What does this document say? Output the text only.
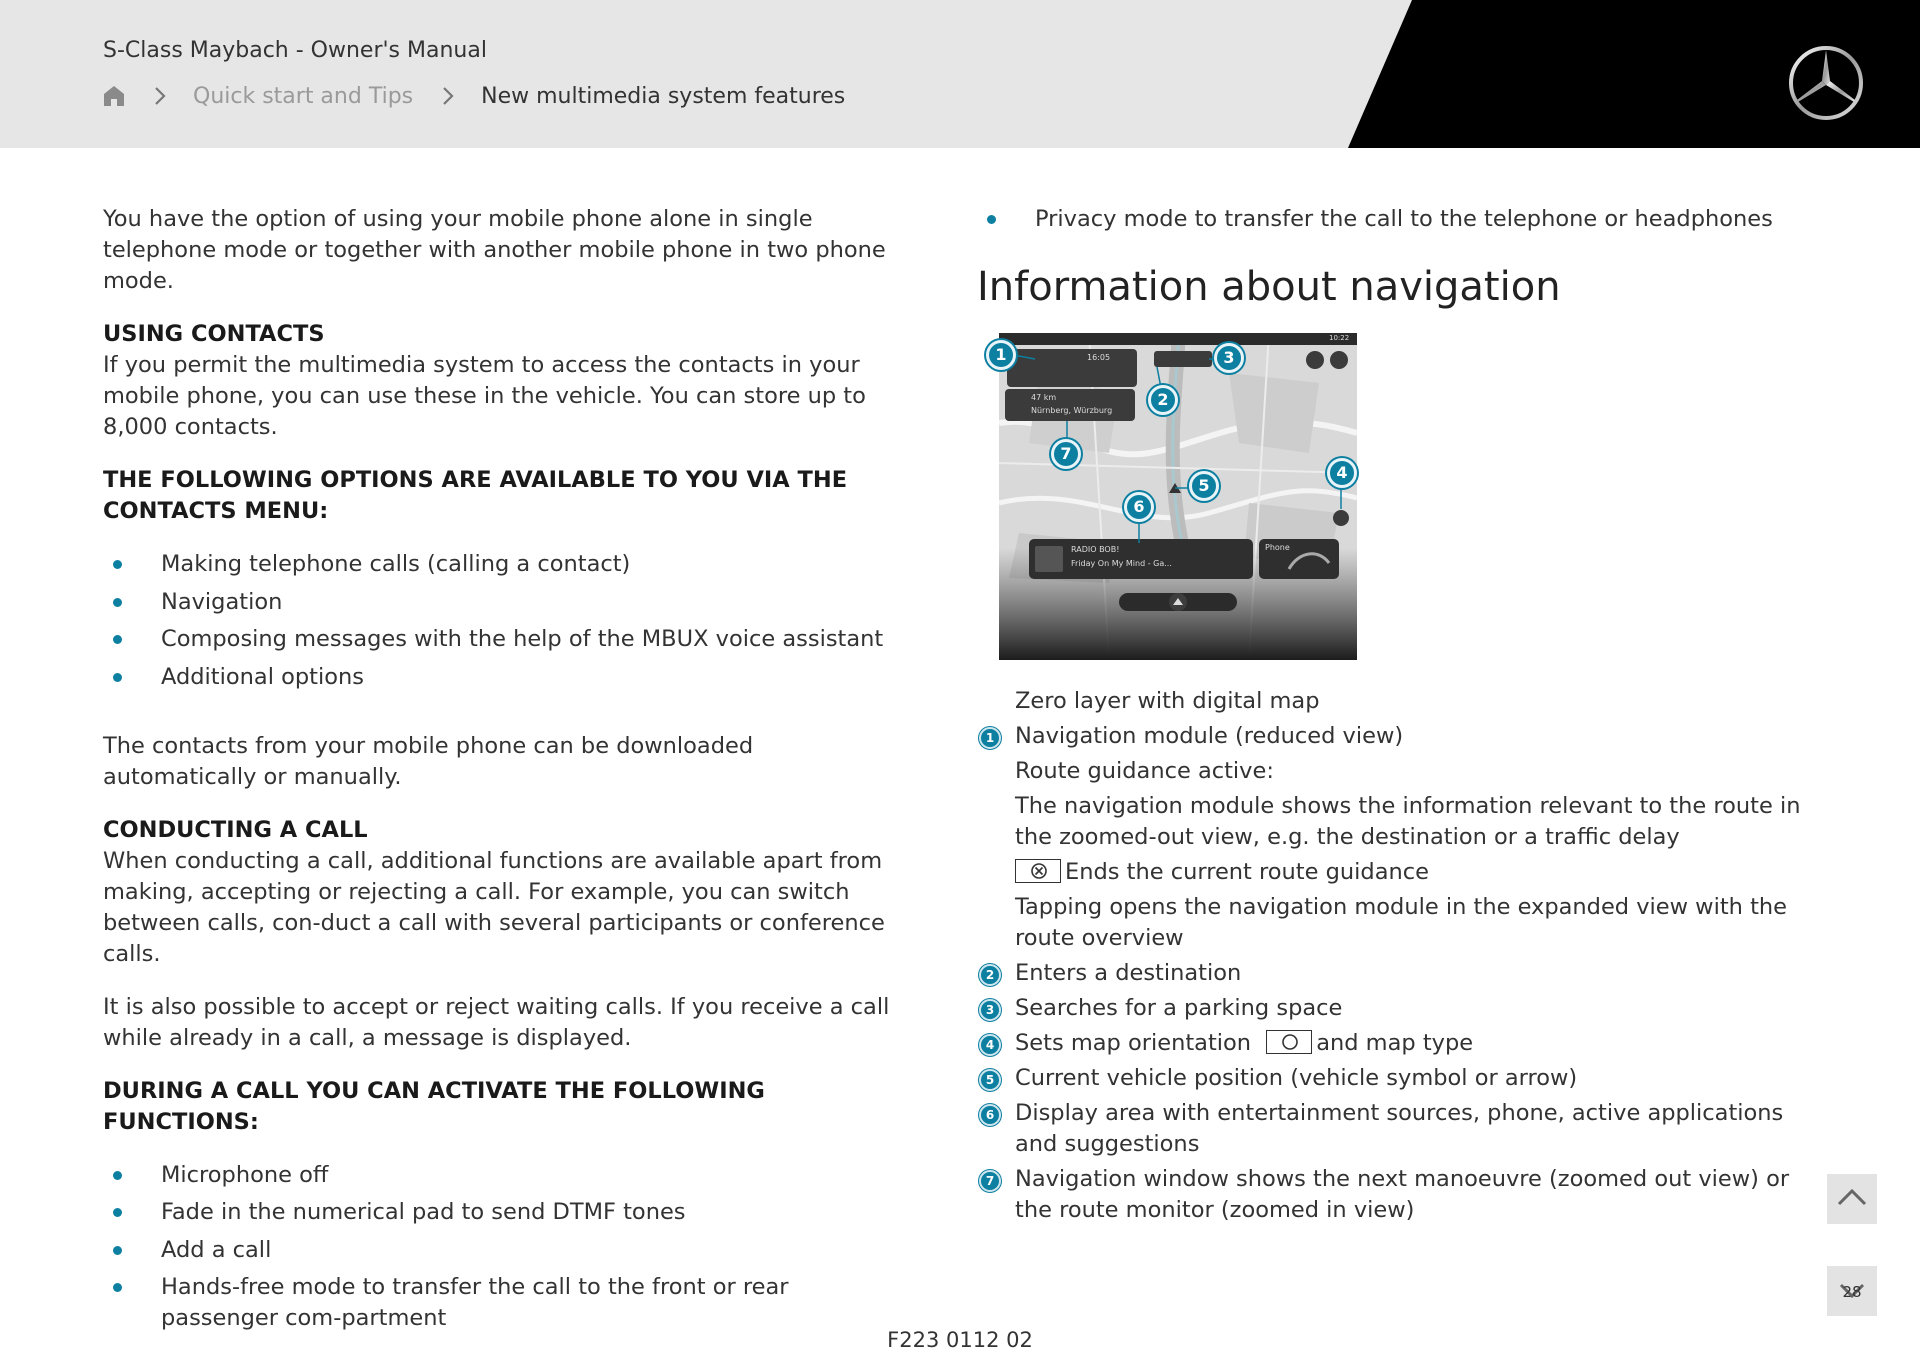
S-Class Maybach - Owner's Manual
Quick start and Tips	New multimedia system features

You have the option of using your mobile phone alone in single telephone mode or together with another mobile phone in two phone mode.

USING CONTACTS

If you permit the multimedia system to access the contacts in your mobile phone, you can use these in the vehicle. You can store up to 8,000 contacts.

THE FOLLOWING OPTIONS ARE AVAILABLE TO YOU VIA THE CONTACTS MENU:
Making telephone calls (calling a contact)
Navigation
Composing messages with the help of the MBUX voice assistant
Additional options

The contacts from your mobile phone can be downloaded automatically or manually.

CONDUCTING A CALL

When conducting a call, additional functions are available apart from making, accepting or rejecting a call. For example, you can switch between calls, con-duct a call with several participants or conference calls.

It is also possible to accept or reject waiting calls. If you receive a call while already in a call, a message is displayed.

DURING A CALL YOU CAN ACTIVATE THE FOLLOWING FUNCTIONS:
Microphone off
Fade in the numerical pad to send DTMF tones
Add a call
Hands-free mode to transfer the call to the front or rear passenger com-partment
Privacy mode to transfer the call to the telephone or headphones
Information about navigation
16:05
10:22
47 km
Nürnberg, Würzburg
RADIO BOB!
Friday On My Mind - Ga...
Phone
1
2
3
4
5
6
7
Zero layer with digital map
1 Navigation module (reduced view)
Route guidance active:
The navigation module shows the information relevant to the route in the zoomed-out view, e.g. the destination or a traffic delay
Ends the current route guidance
Tapping opens the navigation module in the expanded view with the route overview
2 Enters a destination
3 Searches for a parking space
4 Sets map orientation	and map type
5 Current vehicle position (vehicle symbol or arrow)
6 Display area with entertainment sources, phone, active applications and suggestions
7 Navigation window shows the next manoeuvre (zoomed out view) or the route monitor (zoomed in view)
28
F223 0112 02
